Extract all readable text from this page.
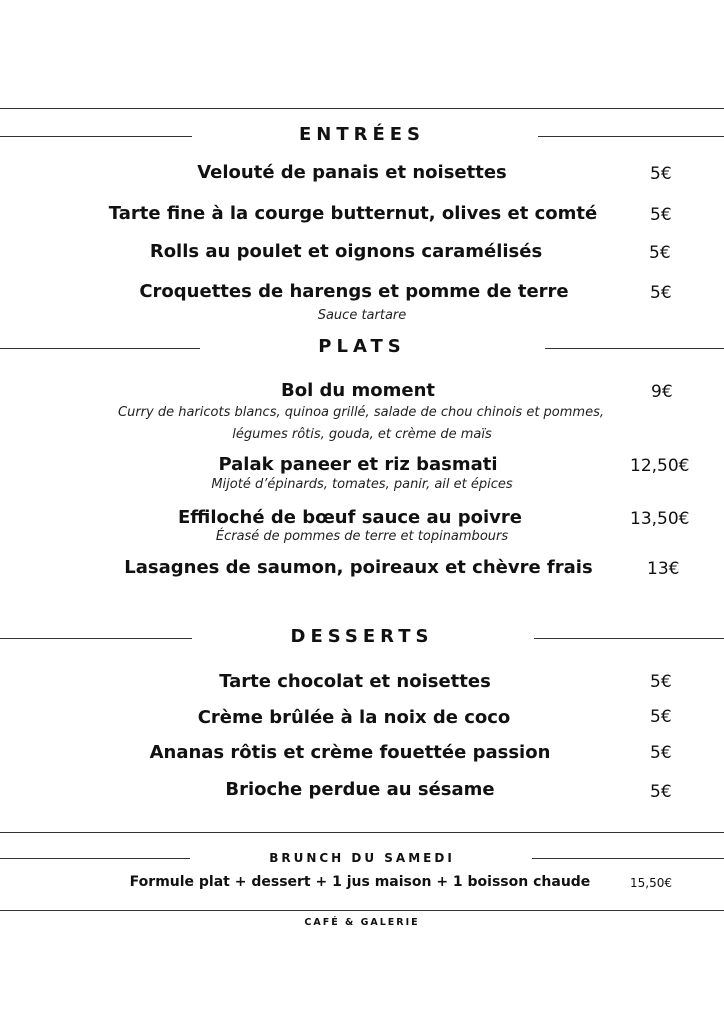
ENTRÉES
Velouté de panais et noisettes	5€
Tarte fine à la courge butternut, olives et comté	5€
Rolls au poulet et oignons caramélisés	5€
Croquettes de harengs et pomme de terre	5€
Sauce tartare
PLATS
Bol du moment	9€
Curry de haricots blancs, quinoa grillé, salade de chou chinois et pommes,
légumes rôtis, gouda, et crème de maïs
Palak paneer et riz basmati	12,50€
Mijoté d’épinards, tomates, panir, ail et épices
Effiloché de bœuf sauce au poivre	13,50€
Écrasé de pommes de terre et topinambours
Lasagnes de saumon, poireaux et chèvre frais	13€
DESSERTS
Tarte chocolat et noisettes	5€
Crème brûlée à la noix de coco	5€
Ananas rôtis et crème fouettée passion	5€
Brioche perdue au sésame	5€
BRUNCH DU SAMEDI
Formule plat + dessert + 1 jus maison + 1 boisson chaude	15,50€
CAFÉ & GALERIE
